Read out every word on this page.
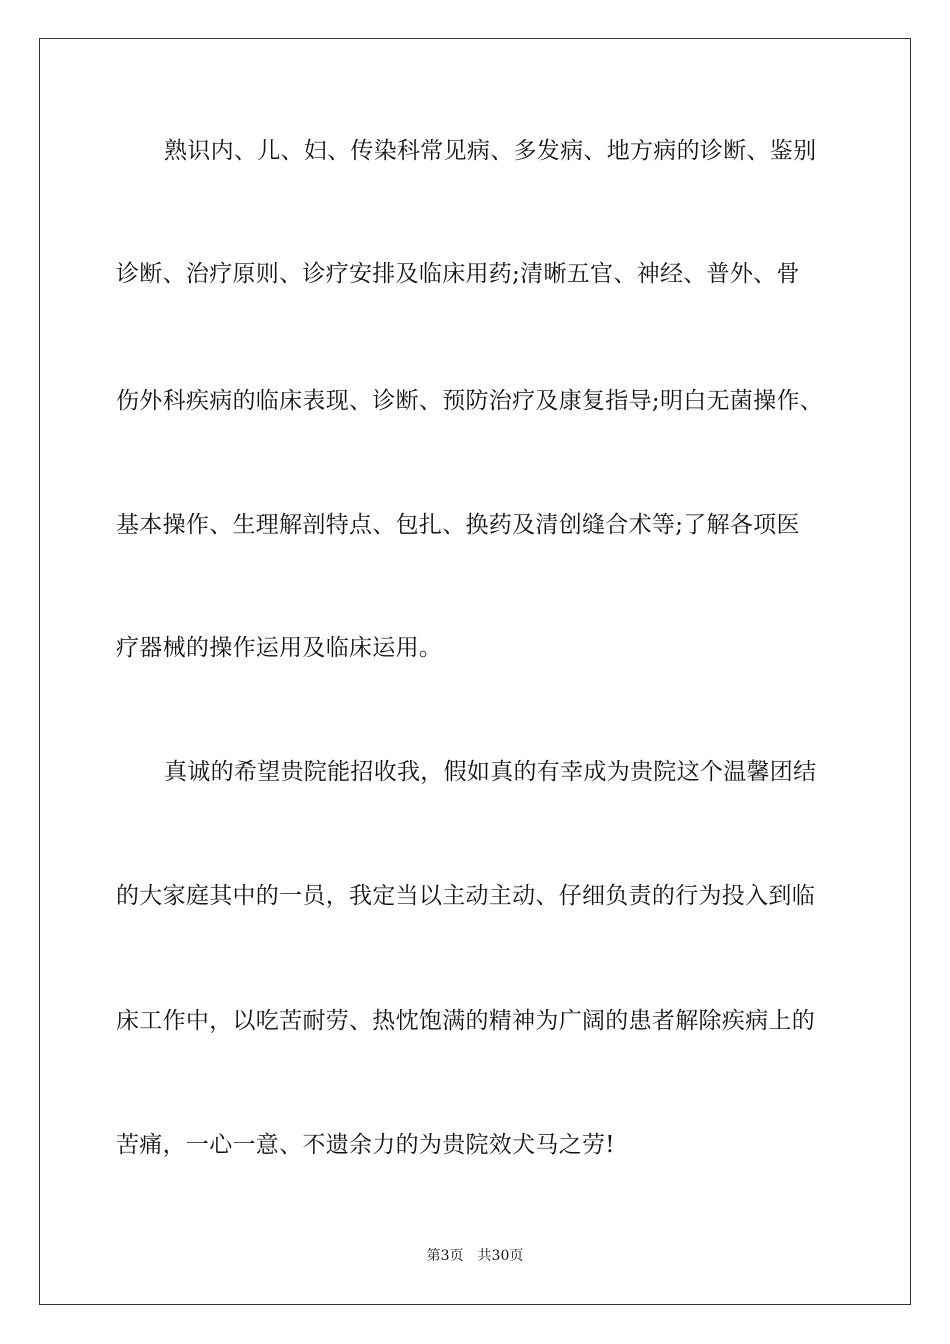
熟识内、儿、妇、传染科常见病、多发病、地方病的诊断、鉴别
诊断、治疗原则、诊疗安排及临床用药;清晰五官、神经、普外、骨
伤外科疾病的临床表现、诊断、预防治疗及康复指导;明白无菌操作、
基本操作、生理解剖特点、包扎、换药及清创缝合术等;了解各项医
疗器械的操作运用及临床运用。
真诚的希望贵院能招收我，假如真的有幸成为贵院这个温馨团结
的大家庭其中的一员，我定当以主动主动、仔细负责的行为投入到临
床工作中，以吃苦耐劳、热忱饱满的精神为广阔的患者解除疾病上的
苦痛，一心一意、不遗余力的为贵院效犬马之劳!
第3页 共30页
